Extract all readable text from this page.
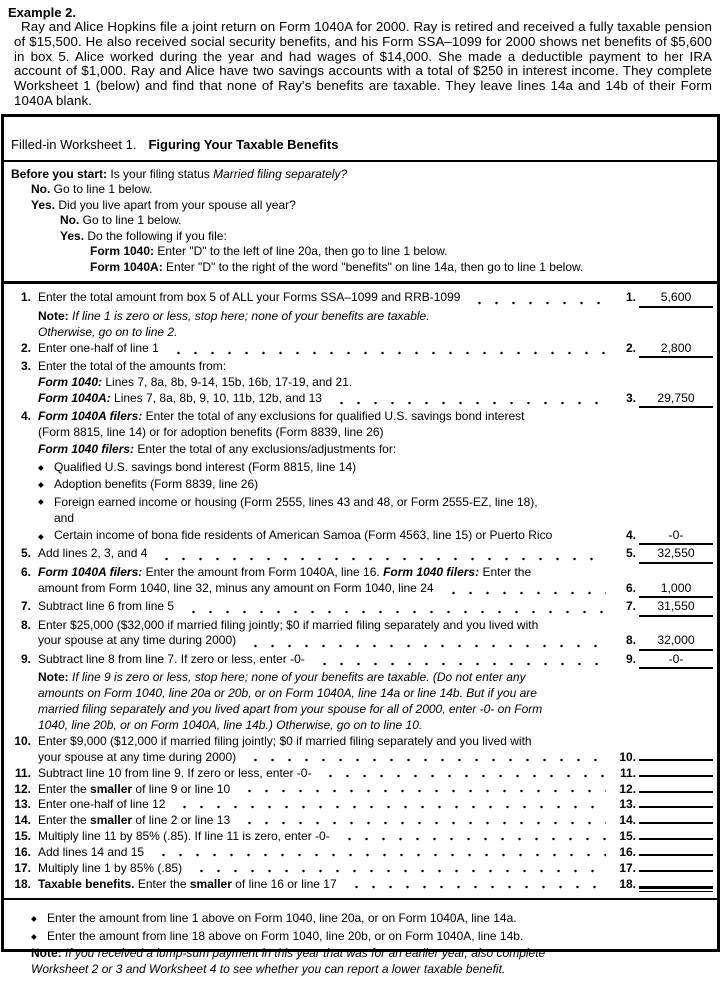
Example 2.
Ray and Alice Hopkins file a joint return on Form 1040A for 2000. Ray is retired and received a fully taxable pension of $15,500. He also received social security benefits, and his Form SSA–1099 for 2000 shows net benefits of $5,600 in box 5. Alice worked during the year and had wages of $14,000. She made a deductible payment to her IRA account of $1,000. Ray and Alice have two savings accounts with a total of $250 in interest income. They complete Worksheet 1 (below) and find that none of Ray's benefits are taxable. They leave lines 14a and 14b of their Form 1040A blank.
Filled-in Worksheet 1. Figuring Your Taxable Benefits
Before you start: Is your filing status Married filing separately?
No. Go to line 1 below.
Yes. Did you live apart from your spouse all year?
No. Go to line 1 below.
Yes. Do the following if you file:
Form 1040: Enter "D" to the left of line 20a, then go to line 1 below.
Form 1040A: Enter "D" to the right of the word "benefits" on line 14a, then go to line 1 below.
1. Enter the total amount from box 5 of ALL your Forms SSA–1099 and RRB-1099	1.	5,600
Note: If line 1 is zero or less, stop here; none of your benefits are taxable.
Otherwise, go on to line 2.
2. Enter one-half of line 1	2.	2,800
3. Enter the total of the amounts from:
Form 1040: Lines 7, 8a, 8b, 9-14, 15b, 16b, 17-19, and 21.
Form 1040A: Lines 7, 8a, 8b, 9, 10, 11b, 12b, and 13	3.	29,750
4. Form 1040A filers: Enter the total of any exclusions for qualified U.S. savings bond interest
(Form 8815, line 14) or for adoption benefits (Form 8839, line 26)
Form 1040 filers: Enter the total of any exclusions/adjustments for:
◆ Qualified U.S. savings bond interest (Form 8815, line 14)
◆ Adoption benefits (Form 8839, line 26)
◆ Foreign earned income or housing (Form 2555, lines 43 and 48, or Form 2555-EZ, line 18),
and
◆ Certain income of bona fide residents of American Samoa (Form 4563, line 15) or Puerto Rico	4.	-0-
5. Add lines 2, 3, and 4	5.	32,550
6. Form 1040A filers: Enter the amount from Form 1040A, line 16. Form 1040 filers: Enter the
amount from Form 1040, line 32, minus any amount on Form 1040, line 24	6.	1,000
7. Subtract line 6 from line 5	7.	31,550
8. Enter $25,000 ($32,000 if married filing jointly; $0 if married filing separately and you lived with
your spouse at any time during 2000)	8.	32,000
9. Subtract line 8 from line 7. If zero or less, enter -0-	9.	-0-
Note: If line 9 is zero or less, stop here; none of your benefits are taxable. (Do not enter any
amounts on Form 1040, line 20a or 20b, or on Form 1040A, line 14a or line 14b. But if you are
married filing separately and you lived apart from your spouse for all of 2000, enter -0- on Form
1040, line 20b, or on Form 1040A, line 14b.) Otherwise, go on to line 10.
10. Enter $9,000 ($12,000 if married filing jointly; $0 if married filing separately and you lived with
your spouse at any time during 2000)	10.
11. Subtract line 10 from line 9. If zero or less, enter -0-	11.
12. Enter the smaller of line 9 or line 10	12.
13. Enter one-half of line 12	13.
14. Enter the smaller of line 2 or line 13	14.
15. Multiply line 11 by 85% (.85). If line 11 is zero, enter -0-	15.
16. Add lines 14 and 15	16.
17. Multiply line 1 by 85% (.85)	17.
18. Taxable benefits. Enter the smaller of line 16 or line 17	18.
◆ Enter the amount from line 1 above on Form 1040, line 20a, or on Form 1040A, line 14a.
◆ Enter the amount from line 18 above on Form 1040, line 20b, or on Form 1040A, line 14b.
Note: If you received a lump-sum payment in this year that was for an earlier year, also complete
Worksheet 2 or 3 and Worksheet 4 to see whether you can report a lower taxable benefit.
